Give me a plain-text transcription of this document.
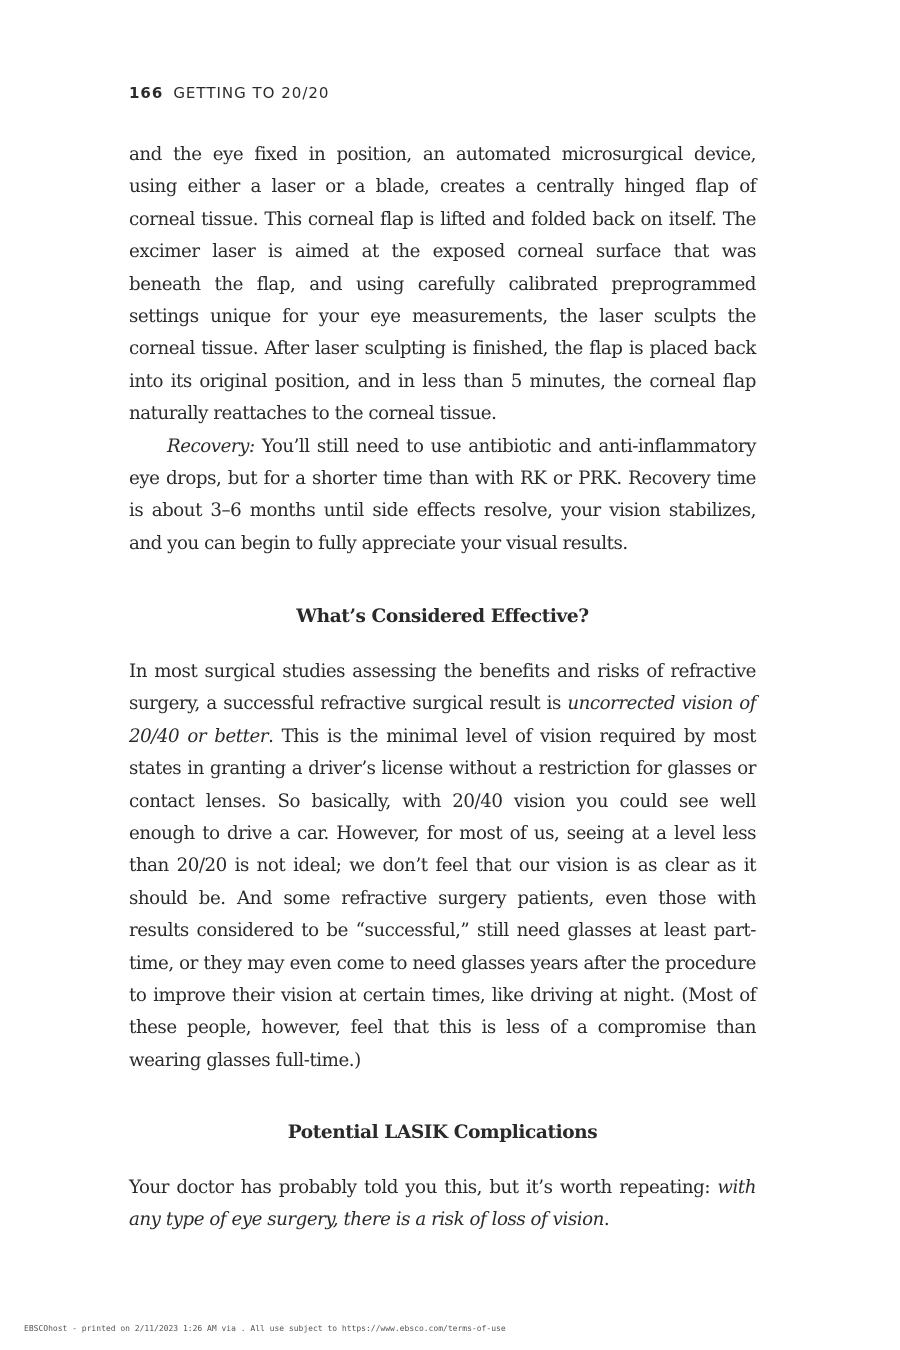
166 GETTING TO 20/20

and the eye fixed in position, an automated microsurgical device, using either a laser or a blade, creates a centrally hinged flap of corneal tissue. This corneal flap is lifted and folded back on itself. The excimer laser is aimed at the exposed corneal surface that was beneath the flap, and using carefully calibrated preprogrammed settings unique for your eye measurements, the laser sculpts the corneal tissue. After laser sculpting is finished, the flap is placed back into its original position, and in less than 5 minutes, the corneal flap naturally reattaches to the corneal tissue.

Recovery: You’ll still need to use antibiotic and anti-inflammatory eye drops, but for a shorter time than with RK or PRK. Recovery time is about 3–6 months until side effects resolve, your vision stabilizes, and you can begin to fully appreciate your visual results.

What’s Considered Effective?

In most surgical studies assessing the benefits and risks of refractive surgery, a successful refractive surgical result is uncorrected vision of 20/40 or better. This is the minimal level of vision required by most states in granting a driver’s license without a restriction for glasses or contact lenses. So basically, with 20/40 vision you could see well enough to drive a car. However, for most of us, seeing at a level less than 20/20 is not ideal; we don’t feel that our vision is as clear as it should be. And some refractive surgery patients, even those with results considered to be “successful,” still need glasses at least part-time, or they may even come to need glasses years after the procedure to improve their vision at certain times, like driving at night. (Most of these people, however, feel that this is less of a compromise than wearing glasses full-time.)

Potential LASIK Complications

Your doctor has probably told you this, but it’s worth repeating: with any type of eye surgery, there is a risk of loss of vision.

EBSCOhost - printed on 2/11/2023 1:26 AM via . All use subject to https://www.ebsco.com/terms-of-use
